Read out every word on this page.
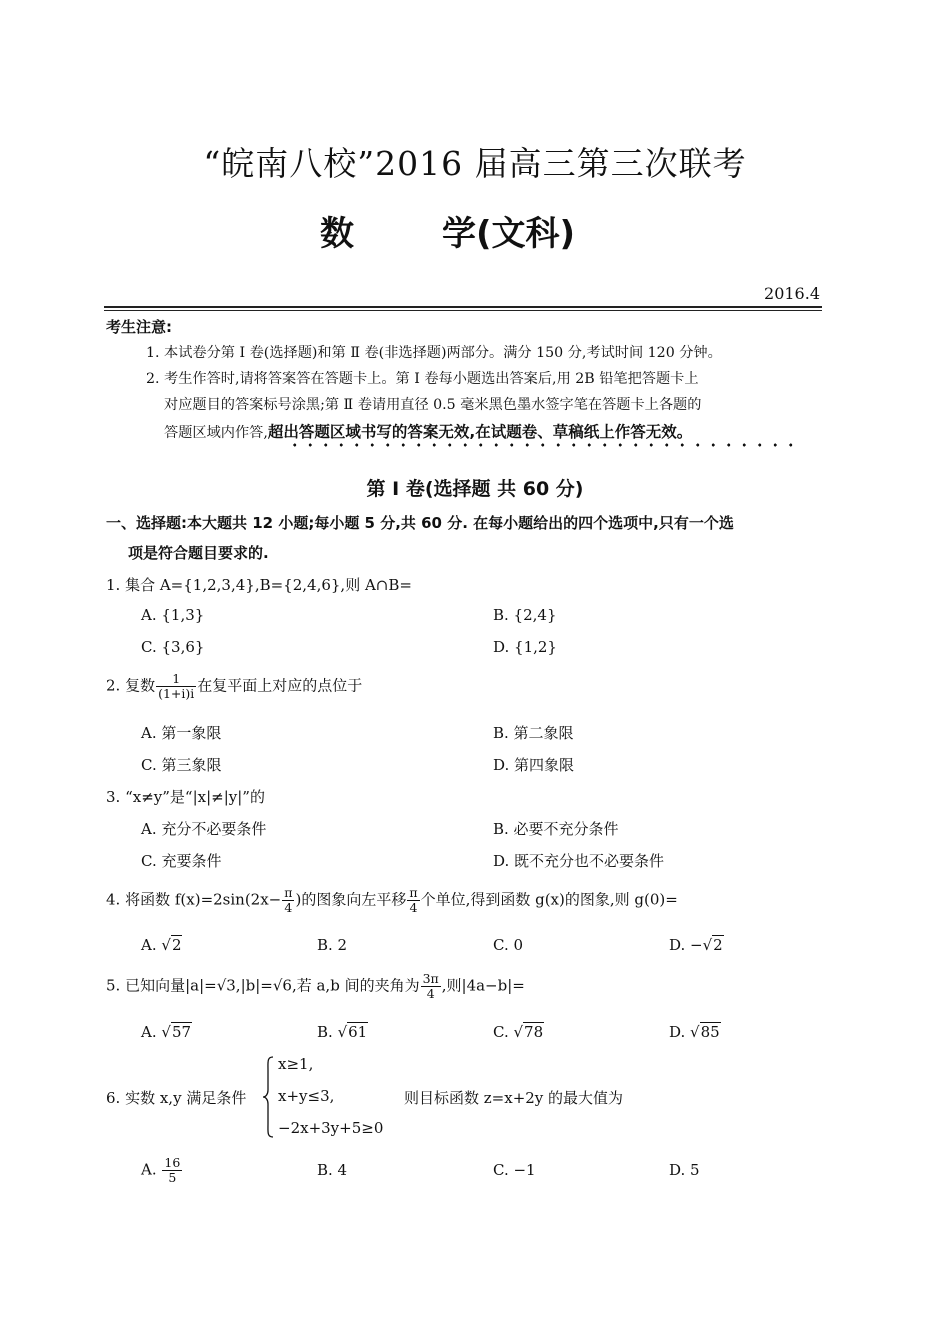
“皖南八校”2016 届高三第三次联考
数	学(文科)
2016.4
考生注意:
1. 本试卷分第 Ⅰ 卷(选择题)和第 Ⅱ 卷(非选择题)两部分。满分 150 分,考试时间 120 分钟。
2. 考生作答时,请将答案答在答题卡上。第 Ⅰ 卷每小题选出答案后,用 2B 铅笔把答题卡上
对应题目的答案标号涂黑;第 Ⅱ 卷请用直径 0.5 毫米黑色墨水签字笔在答题卡上各题的
答题区域内作答,超出答题区域书写的答案无效,在试题卷、草稿纸上作答无效。
第 Ⅰ 卷(选择题 共 60 分)
一、选择题:本大题共 12 小题;每小题 5 分,共 60 分. 在每小题给出的四个选项中,只有一个选
项是符合题目要求的.
1. 集合 A={1,2,3,4},B={2,4,6},则 A∩B=
A. {1,3}	B. {2,4}
C. {3,6}	D. {1,2}
2. 复数 $\frac{1}{(1+i)i}$ 在复平面上对应的点位于
A. 第一象限	B. 第二象限
C. 第三象限	D. 第四象限
3. “x≠y”是“|x|≠|y|”的
A. 充分不必要条件	B. 必要不充分条件
C. 充要条件	D. 既不充分也不必要条件
4. 将函数 $f(x)=2\sin(2x- \frac{\pi}{4}$ )的图象向左平移 $\frac{\pi}{4}$ 个单位,得到函数 g(x)的图象,则 g(0)=
A. √2	B. 2	C. 0	D. −√2
5. 已知向量|a|=√3,|b|=√6,若 a,b 间的夹角为 $\frac{3\pi}{4}$ ,则|4a−b|=
A. √57	B. √61	C. √78	D. √85
6. 实数 x,y 满足条件
x≥1,
x+y≤3,
−2x+3y+5≥0
则目标函数 z=x+2y 的最大值为
A. $\frac{16}{5}$	B. 4	C. −1	D. 5
